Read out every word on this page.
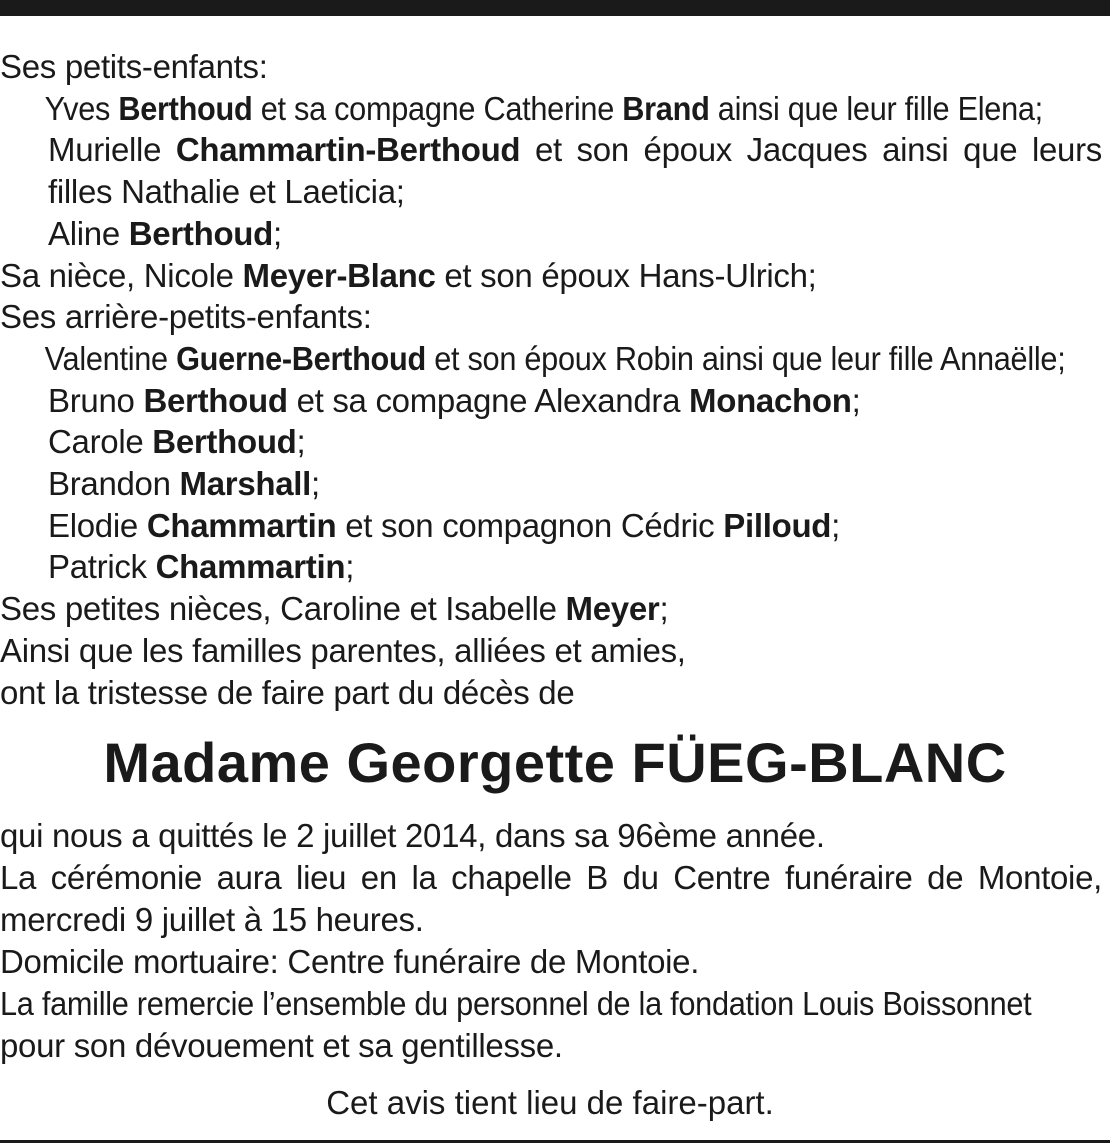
Ses petits-enfants:
Yves Berthoud et sa compagne Catherine Brand ainsi que leur fille Elena;
Murielle Chammartin-Berthoud et son époux Jacques ainsi que leurs
filles Nathalie et Laeticia;
Aline Berthoud;
Sa nièce, Nicole Meyer-Blanc et son époux Hans-Ulrich;
Ses arrière-petits-enfants:
Valentine Guerne-Berthoud et son époux Robin ainsi que leur fille Annaëlle;
Bruno Berthoud et sa compagne Alexandra Monachon;
Carole Berthoud;
Brandon Marshall;
Elodie Chammartin et son compagnon Cédric Pilloud;
Patrick Chammartin;
Ses petites nièces, Caroline et Isabelle Meyer;
Ainsi que les familles parentes, alliées et amies,
ont la tristesse de faire part du décès de
Madame Georgette FÜEG-BLANC
qui nous a quittés le 2 juillet 2014, dans sa 96ème année.
La cérémonie aura lieu en la chapelle B du Centre funéraire de Montoie,
mercredi 9 juillet à 15 heures.
Domicile mortuaire: Centre funéraire de Montoie.
La famille remercie l’ensemble du personnel de la fondation Louis Boissonnet
pour son dévouement et sa gentillesse.
Cet avis tient lieu de faire-part.
